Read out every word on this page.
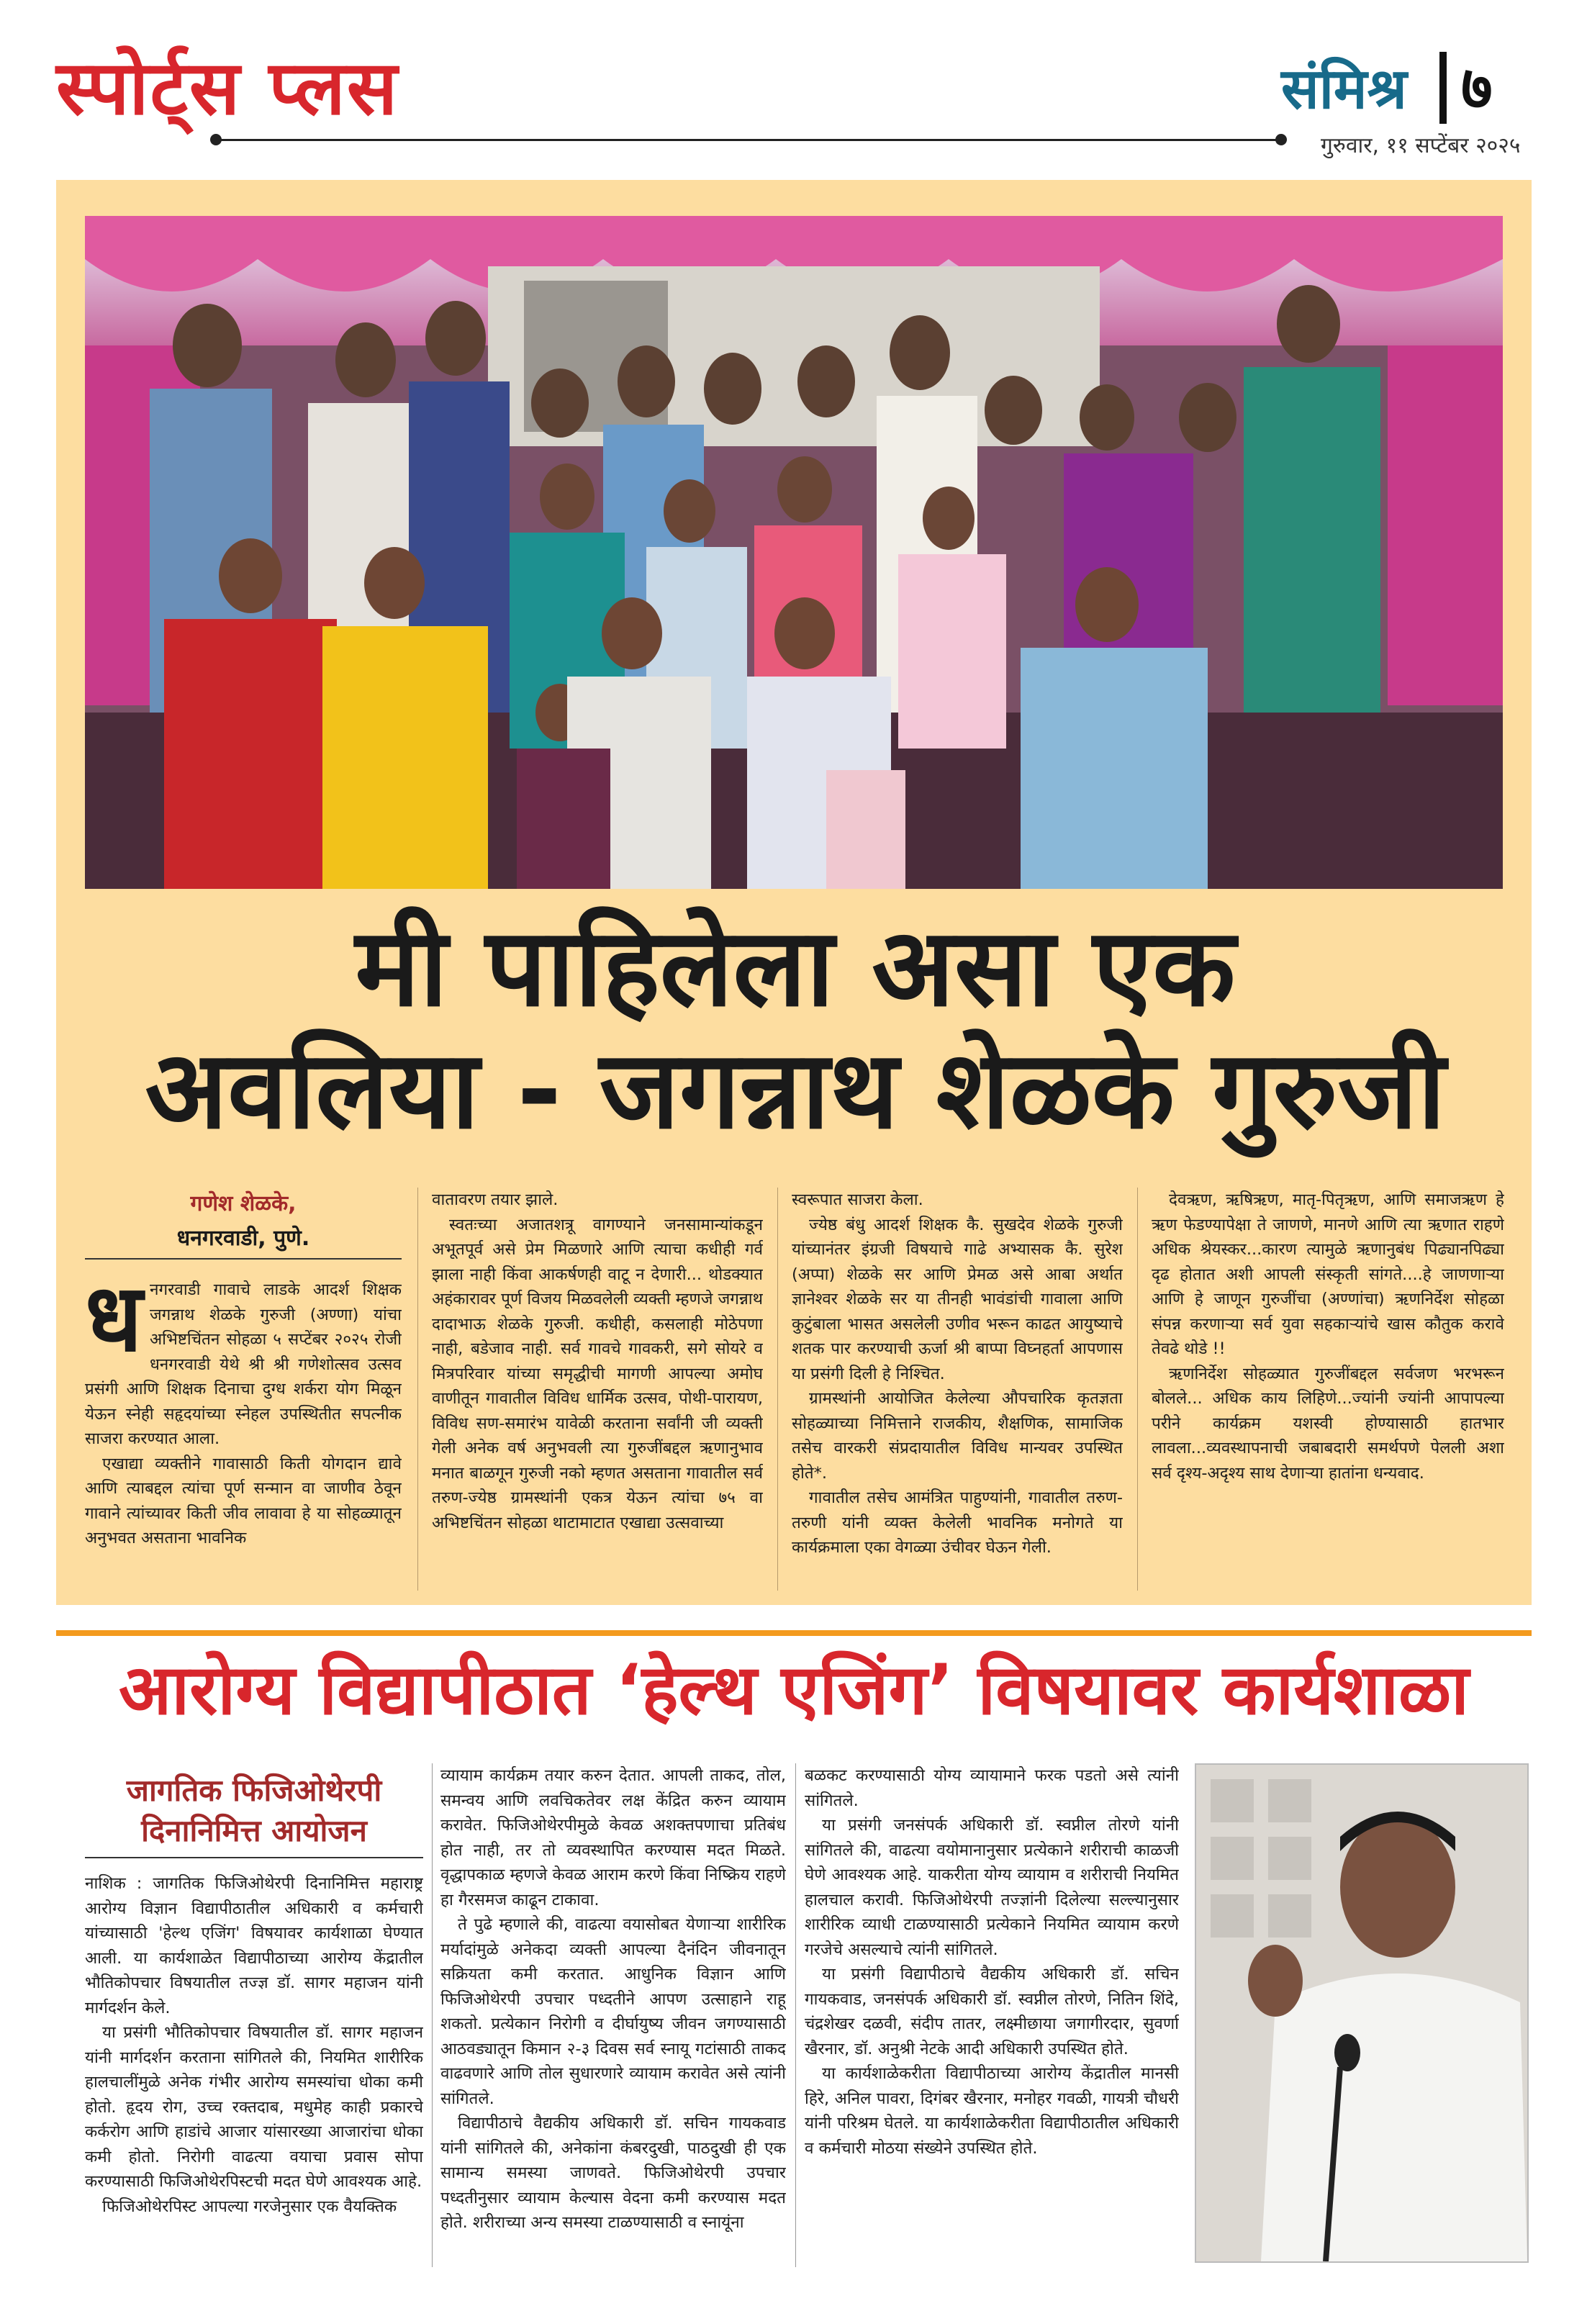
स्पोर्ट्स प्लस	संमिश्र ७
गुरुवार, ११ सप्टेंबर २०२५
मी पाहिलेला असा एक
अवलिया - जगन्नाथ शेळके गुरुजी
गणेश शेळके,
धनगरवाडी, पुणे.

धनगरवाडी गावाचे लाडके आदर्श शिक्षक जगन्नाथ शेळके गुरुजी (अण्णा) यांचा अभिष्टचिंतन सोहळा ५ सप्टेंबर २०२५ रोजी धनगरवाडी येथे श्री श्री गणेशोत्सव उत्सव प्रसंगी आणि शिक्षक दिनाचा दुग्ध शर्करा योग मिळून येऊन स्नेही सहृदयांच्या स्नेहल उपस्थितीत सपत्नीक साजरा करण्यात आला.

एखाद्या व्यक्तीने गावासाठी किती योगदान द्यावे आणि त्याबद्दल त्यांचा पूर्ण सन्मान वा जाणीव ठेवून गावाने त्यांच्यावर किती जीव लावावा हे या सोहळ्यातून अनुभवत असताना भावनिक

वातावरण तयार झाले.

स्वतःच्या अजातशत्रू वागण्याने जनसामान्यांकडून अभूतपूर्व असे प्रेम मिळणारे आणि त्याचा कधीही गर्व झाला नाही किंवा आकर्षणही वाटू न देणारी... थोडक्यात अहंकारावर पूर्ण विजय मिळवलेली व्यक्ती म्हणजे जगन्नाथ दादाभाऊ शेळके गुरुजी. कधीही, कसलाही मोठेपणा नाही, बडेजाव नाही. सर्व गावचे गावकरी, सगे सोयरे व मित्रपरिवार यांच्या समृद्धीची मागणी आपल्या अमोघ वाणीतून गावातील विविध धार्मिक उत्सव, पोथी-पारायण, विविध सण-समारंभ यावेळी करताना सर्वांनी जी व्यक्ती गेली अनेक वर्ष अनुभवली त्या गुरुजींबद्दल ऋणानुभाव मनात बाळगून गुरुजी नको म्हणत असताना गावातील सर्व तरुण-ज्येष्ठ ग्रामस्थांनी एकत्र येऊन त्यांचा ७५ वा अभिष्टचिंतन सोहळा थाटामाटात एखाद्या उत्सवाच्या

स्वरूपात साजरा केला.

ज्येष्ठ बंधु आदर्श शिक्षक कै. सुखदेव शेळके गुरुजी यांच्यानंतर इंग्रजी विषयाचे गाढे अभ्यासक कै. सुरेश (अप्पा) शेळके सर आणि प्रेमळ असे आबा अर्थात ज्ञानेश्वर शेळके सर या तीनही भावंडांची गावाला आणि कुटुंबाला भासत असलेली उणीव भरून काढत आयुष्याचे शतक पार करण्याची ऊर्जा श्री बाप्पा विघ्नहर्ता आपणास या प्रसंगी दिली हे निश्चित.

ग्रामस्थांनी आयोजित केलेल्या औपचारिक कृतज्ञता सोहळ्याच्या निमित्ताने राजकीय, शैक्षणिक, सामाजिक तसेच वारकरी संप्रदायातील विविध मान्यवर उपस्थित होते*.

गावातील तसेच आमंत्रित पाहुण्यांनी, गावातील तरुण-तरुणी यांनी व्यक्त केलेली भावनिक मनोगते या कार्यक्रमाला एका वेगळ्या उंचीवर घेऊन गेली.

देवऋण, ऋषिऋण, मातृ-पितृऋण, आणि समाजऋण हे ऋण फेडण्यापेक्षा ते जाणणे, मानणे आणि त्या ऋणात राहणे अधिक श्रेयस्कर...कारण त्यामुळे ऋणानुबंध पिढ्यानपिढ्या दृढ होतात अशी आपली संस्कृती सांगते....हे जाणणाऱ्या आणि हे जाणून गुरुजींचा (अण्णांचा) ऋणनिर्देश सोहळा संपन्न करणाऱ्या सर्व युवा सहकाऱ्यांचे खास कौतुक करावे तेवढे थोडे !!

ऋणनिर्देश सोहळ्यात गुरुजींबद्दल सर्वजण भरभरून बोलले... अधिक काय लिहिणे...ज्यांनी ज्यांनी आपापल्या परीने कार्यक्रम यशस्वी होण्यासाठी हातभार लावला...व्यवस्थापनाची जबाबदारी समर्थपणे पेलली अशा सर्व दृश्य-अदृश्य साथ देणाऱ्या हातांना धन्यवाद.

आरोग्य विद्यापीठात ‘हेल्थ एजिंग’ विषयावर कार्यशाळा
जागतिक फिजिओथेरपी
दिनानिमित्त आयोजन

नाशिक : जागतिक फिजिओथेरपी दिनानिमित्त महाराष्ट्र आरोग्य विज्ञान विद्यापीठातील अधिकारी व कर्मचारी यांच्यासाठी 'हेल्थ एजिंग' विषयावर कार्यशाळा घेण्यात आली. या कार्यशाळेत विद्यापीठाच्या आरोग्य केंद्रातील भौतिकोपचार विषयातील तज्ज्ञ डॉ. सागर महाजन यांनी मार्गदर्शन केले.

या प्रसंगी भौतिकोपचार विषयातील डॉ. सागर महाजन यांनी मार्गदर्शन करताना सांगितले की, नियमित शारीरिक हालचालींमुळे अनेक गंभीर आरोग्य समस्यांचा धोका कमी होतो. हृदय रोग, उच्च रक्तदाब, मधुमेह काही प्रकारचे कर्करोग आणि हाडांचे आजार यांसारख्या आजारांचा धोका कमी होतो. निरोगी वाढत्या वयाचा प्रवास सोपा करण्यासाठी फिजिओथेरपिस्टची मदत घेणे आवश्यक आहे.

फिजिओथेरपिस्ट आपल्या गरजेनुसार एक वैयक्तिक

व्यायाम कार्यक्रम तयार करुन देतात. आपली ताकद, तोल, समन्वय आणि लवचिकतेवर लक्ष केंद्रित करुन व्यायाम करावेत. फिजिओथेरपीमुळे केवळ अशक्तपणाचा प्रतिबंध होत नाही, तर तो व्यवस्थापित करण्यास मदत मिळते. वृद्धापकाळ म्हणजे केवळ आराम करणे किंवा निष्क्रिय राहणे हा गैरसमज काढून टाकावा.

ते पुढे म्हणाले की, वाढत्या वयासोबत येणाऱ्या शारीरिक मर्यादांमुळे अनेकदा व्यक्ती आपल्या दैनंदिन जीवनातून सक्रियता कमी करतात. आधुनिक विज्ञान आणि फिजिओथेरपी उपचार पध्दतीने आपण उत्साहाने राहू शकतो. प्रत्येकान निरोगी व दीर्घायुष्य जीवन जगण्यासाठी आठवड्यातून किमान २-३ दिवस सर्व स्नायू गटांसाठी ताकद वाढवणारे आणि तोल सुधारणारे व्यायाम करावेत असे त्यांनी सांगितले.

विद्यापीठाचे वैद्यकीय अधिकारी डॉ. सचिन गायकवाड यांनी सांगितले की, अनेकांना कंबरदुखी, पाठदुखी ही एक सामान्य समस्या जाणवते. फिजिओथेरपी उपचार पध्दतीनुसार व्यायाम केल्यास वेदना कमी करण्यास मदत होते. शरीराच्या अन्य समस्या टाळण्यासाठी व स्नायूंना

बळकट करण्यासाठी योग्य व्यायामाने फरक पडतो असे त्यांनी सांगितले.

या प्रसंगी जनसंपर्क अधिकारी डॉ. स्वप्नील तोरणे यांनी सांगितले की, वाढत्या वयोमानानुसार प्रत्येकाने शरीराची काळजी घेणे आवश्यक आहे. याकरीता योग्य व्यायाम व शरीराची नियमित हालचाल करावी. फिजिओथेरपी तज्ज्ञांनी दिलेल्या सल्ल्यानुसार शारीरिक व्याधी टाळण्यासाठी प्रत्येकाने नियमित व्यायाम करणे गरजेचे असल्याचे त्यांनी सांगितले.

या प्रसंगी विद्यापीठाचे वैद्यकीय अधिकारी डॉ. सचिन गायकवाड, जनसंपर्क अधिकारी डॉ. स्वप्नील तोरणे, नितिन शिंदे, चंद्रशेखर दळवी, संदीप तातर, लक्ष्मीछाया जगागीरदार, सुवर्णा खैरनार, डॉ. अनुश्री नेटके आदी अधिकारी उपस्थित होते.

या कार्यशाळेकरीता विद्यापीठाच्या आरोग्य केंद्रातील मानसी हिरे, अनिल पावरा, दिगंबर खैरनार, मनोहर गवळी, गायत्री चौधरी यांनी परिश्रम घेतले. या कार्यशाळेकरीता विद्यापीठातील अधिकारी व कर्मचारी मोठया संख्येने उपस्थित होते.
